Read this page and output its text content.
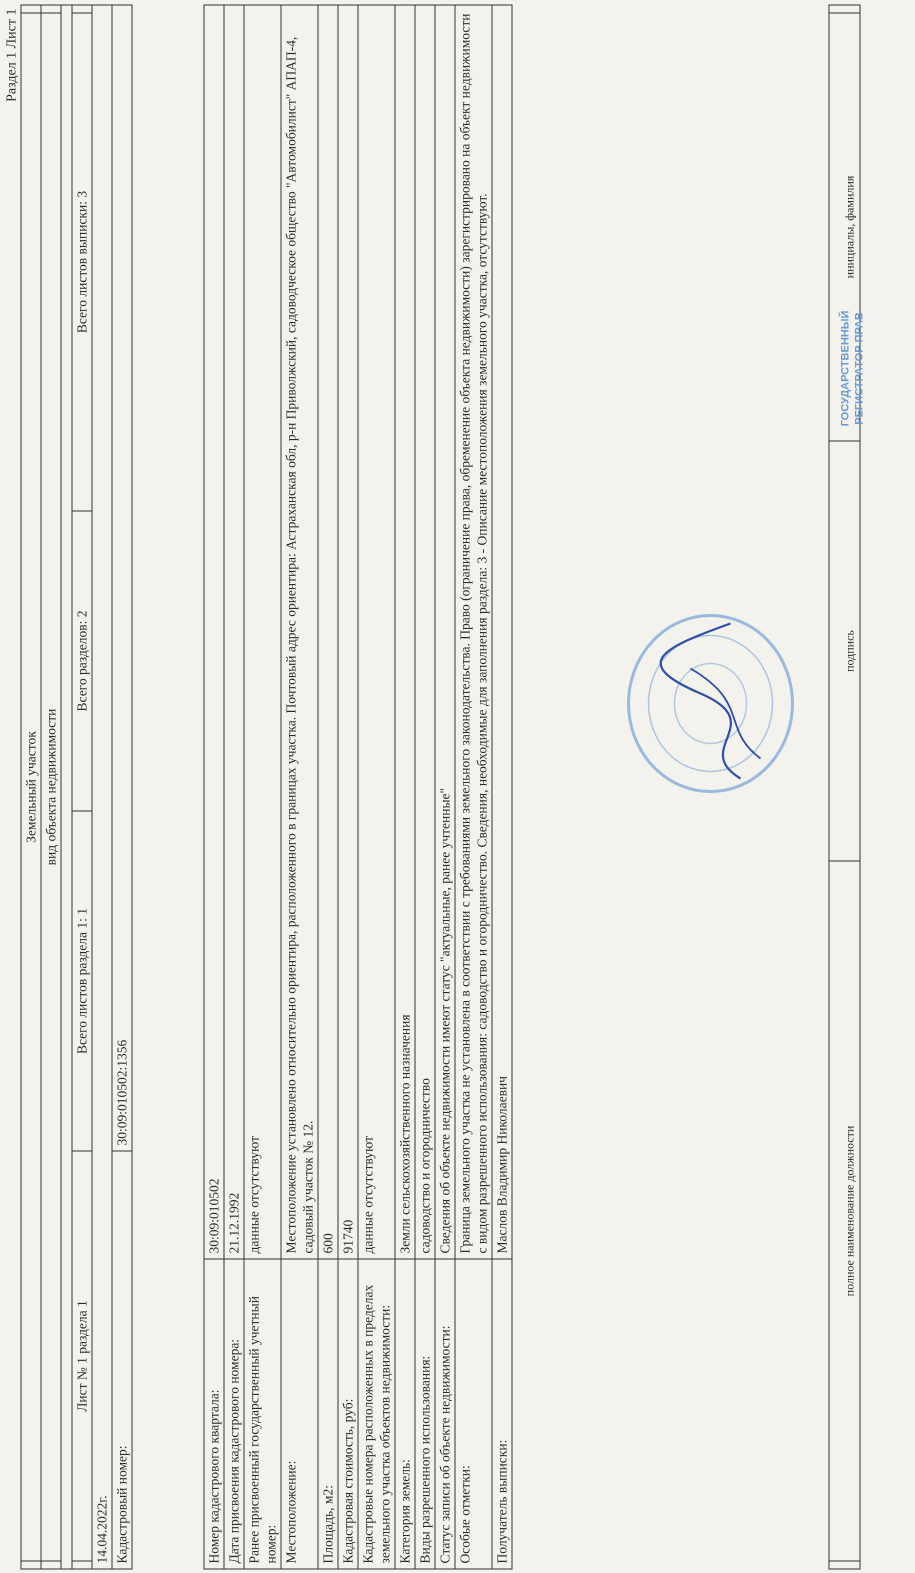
Раздел 1 Лист 1
	Земельный участок				
	вид объекта недвижимости				

	Лист № 1 раздела 1	Всего листов раздела 1: 1	Всего разделов: 2	Всего листов выписки: 3	
14.04.2022г.					
Кадастровый номер:		30:09:010502:1356			
Номер кадастрового квартала:	30:09:010502
Дата присвоения кадастрового номера:	21.12.1992
Ранее присвоенный государственный учетный номер:	данные отсутствуют
Местоположение:	Местоположение установлено относительно ориентира, расположенного в границах участка. Почтовый адрес ориентира: Астраханская обл, р-н Приволжский, садоводческое общество "Автомобилист" АПАП-4, садовый участок № 12.
Площадь, м2:	600
Кадастровая стоимость, руб:	91740
Кадастровые номера расположенных в пределах земельного участка объектов недвижимости:	данные отсутствуют
Категория земель:	Земли сельскохозяйственного назначения
Виды разрешенного использования:	садоводство и огородничество
Статус записи об объекте недвижимости:	Сведения об объекте недвижимости имеют статус "актуальные, ранее учтенные"
Особые отметки:	Граница земельного участка не установлена в соответствии с требованиями земельного законодательства. Право (ограничение права, обременение объекта недвижимости) зарегистрировано на объект недвижимости с видом разрешенного использования: садоводство и огородничество. Сведения, необходимые для заполнения раздела: 3 - Описание местоположения земельного участка, отсутствуют.
Получатель выписки:	Маслов Владимир Николаевич
		полное наименование должности	подпись	инициалы, фамилия	
ГОСУДАРСТВЕННЫЙ РЕГИСТРАТОР ПРАВ
